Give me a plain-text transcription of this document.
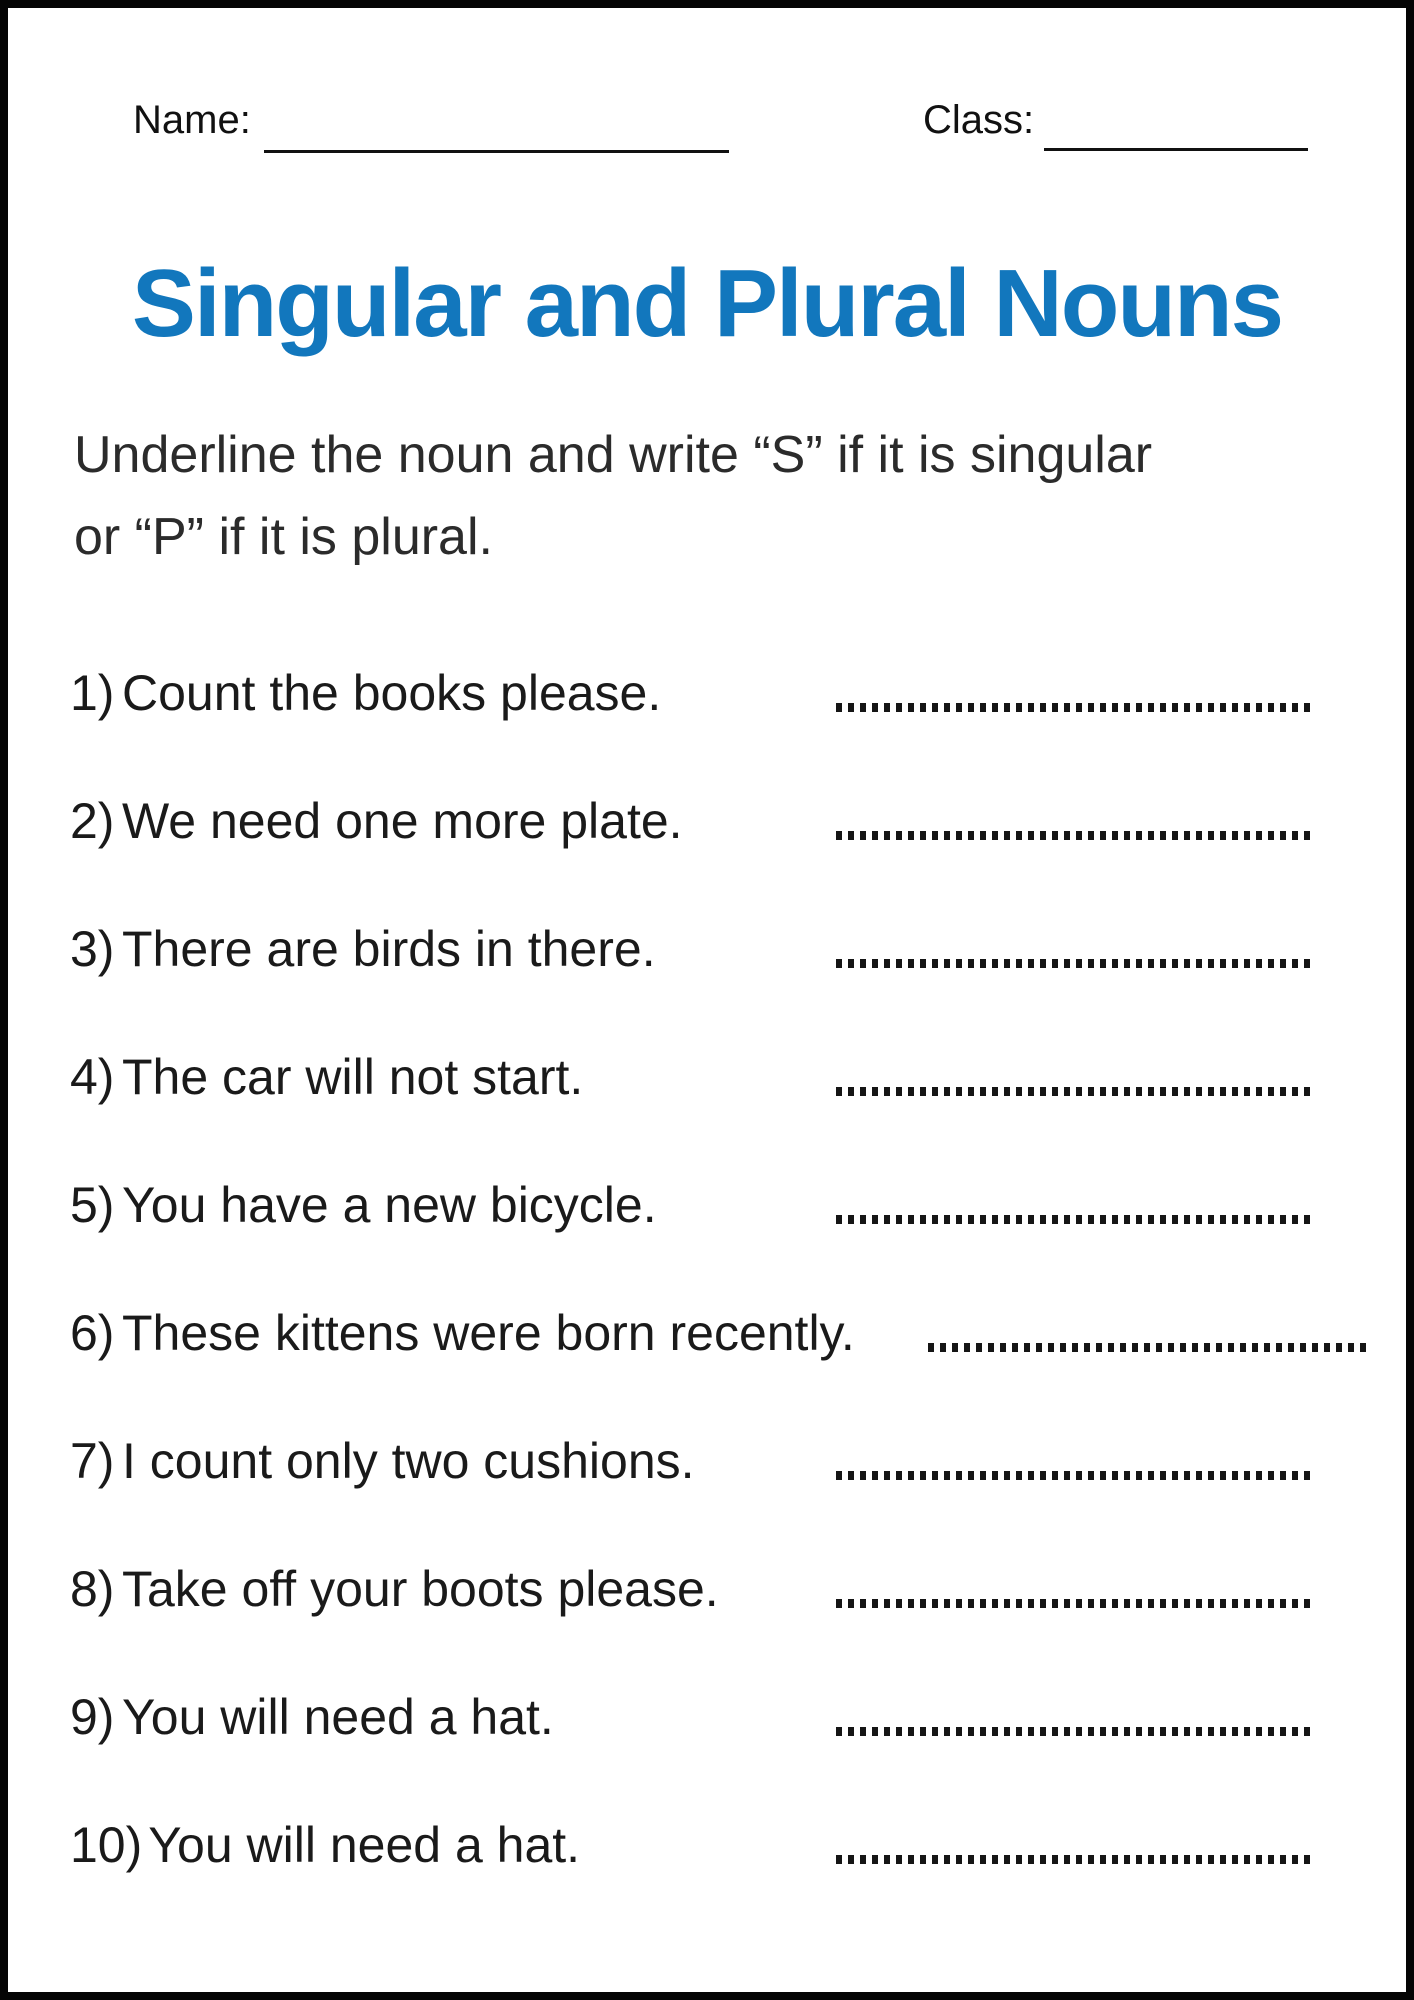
Name:	Class:
Singular and Plural Nouns
Underline the noun and write “S” if it is singular
or “P” if it is plural.
1) Count the books please.
2) We need one more plate.
3) There are birds in there.
4) The car will not start.
5) You have a new bicycle.
6) These kittens were born recently.
7) I count only two cushions.
8) Take off your boots please.
9) You will need a hat.
10) You will need a hat.
